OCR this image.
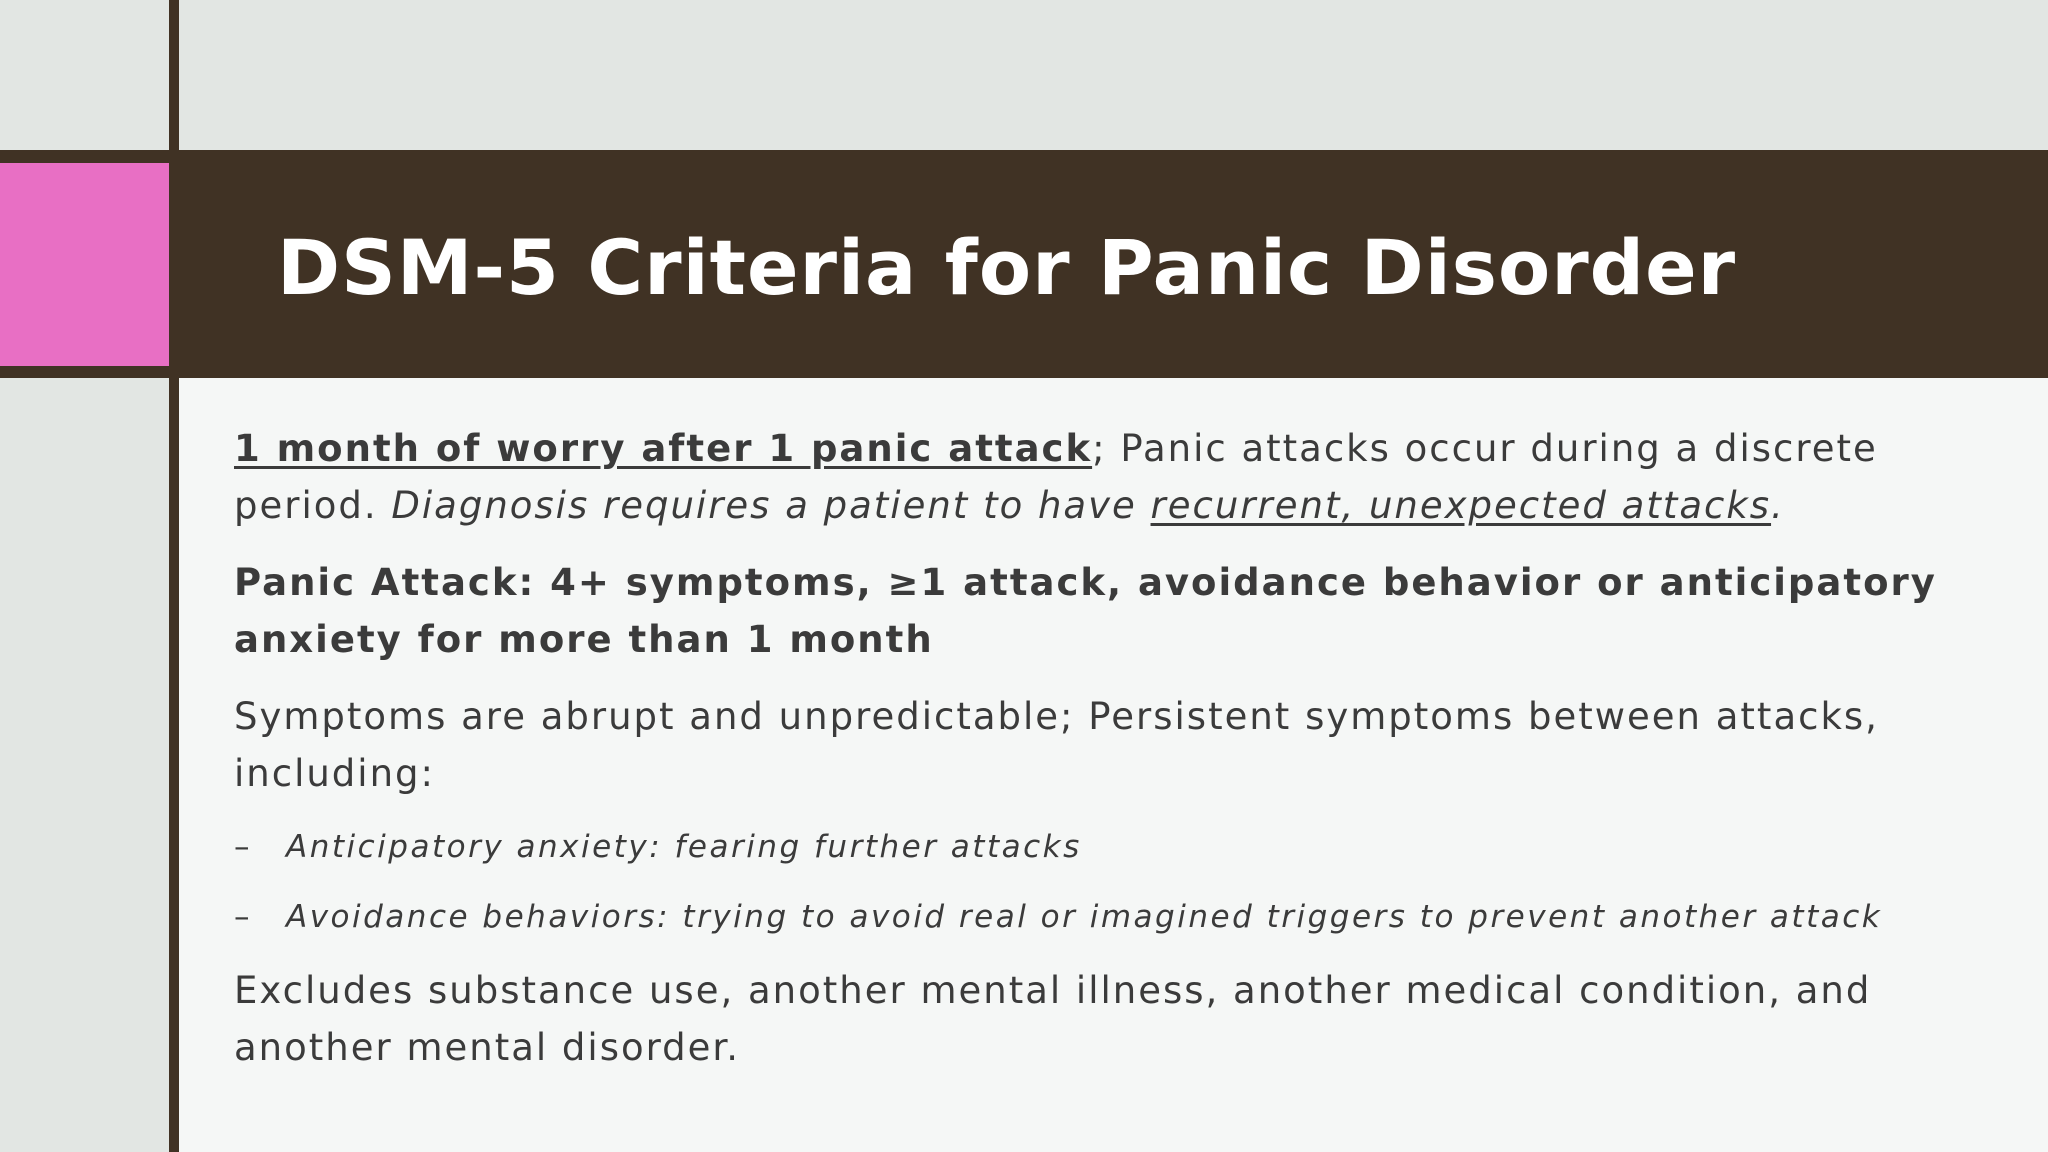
DSM-5 Criteria for Panic Disorder

1 month of worry after 1 panic attack; Panic attacks occur during a discrete period. Diagnosis requires a patient to have recurrent, unexpected attacks.

Panic Attack: 4+ symptoms, ≥1 attack, avoidance behavior or anticipatory anxiety for more than 1 month

Symptoms are abrupt and unpredictable; Persistent symptoms between attacks, including:

–	Anticipatory anxiety: fearing further attacks
–	Avoidance behaviors: trying to avoid real or imagined triggers to prevent another attack

Excludes substance use, another mental illness, another medical condition, and another mental disorder.
